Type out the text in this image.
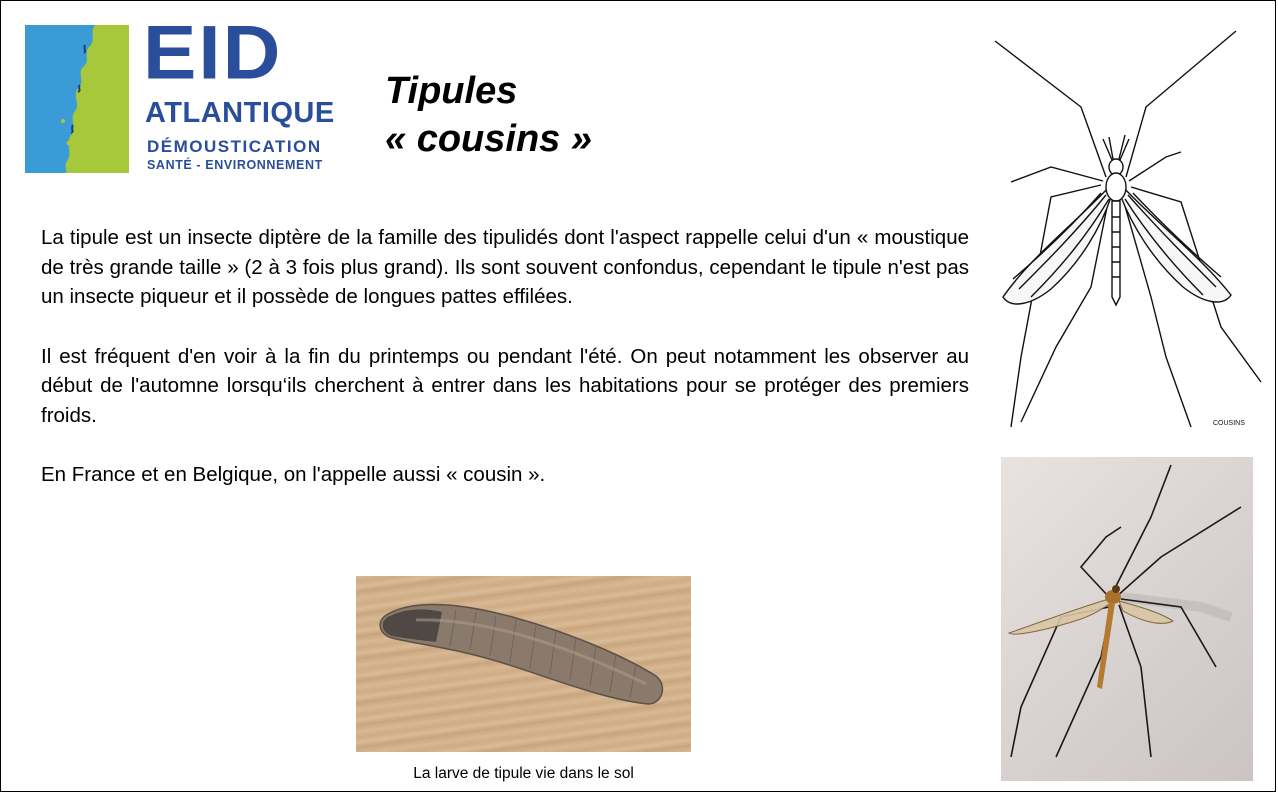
EID
ATLANTIQUE
DÉMOUSTICATION
SANTÉ - ENVIRONNEMENT
Tipules
« cousins »

La tipule est un insecte diptère de la famille des tipulidés dont l'aspect rappelle celui d'un « moustique de très grande taille » (2 à 3 fois plus grand). Ils sont souvent confondus, cependant le tipule n'est pas un insecte piqueur et il possède de longues pattes effilées.

Il est fréquent d'en voir à la fin du printemps ou pendant l'été. On peut notamment les observer au début de l'automne lorsqu‘ils cherchent à entrer dans les habitations pour se protéger des premiers froids.

En France et en Belgique, on l'appelle aussi « cousin ».

COUSINS
La larve de tipule vie dans le sol
